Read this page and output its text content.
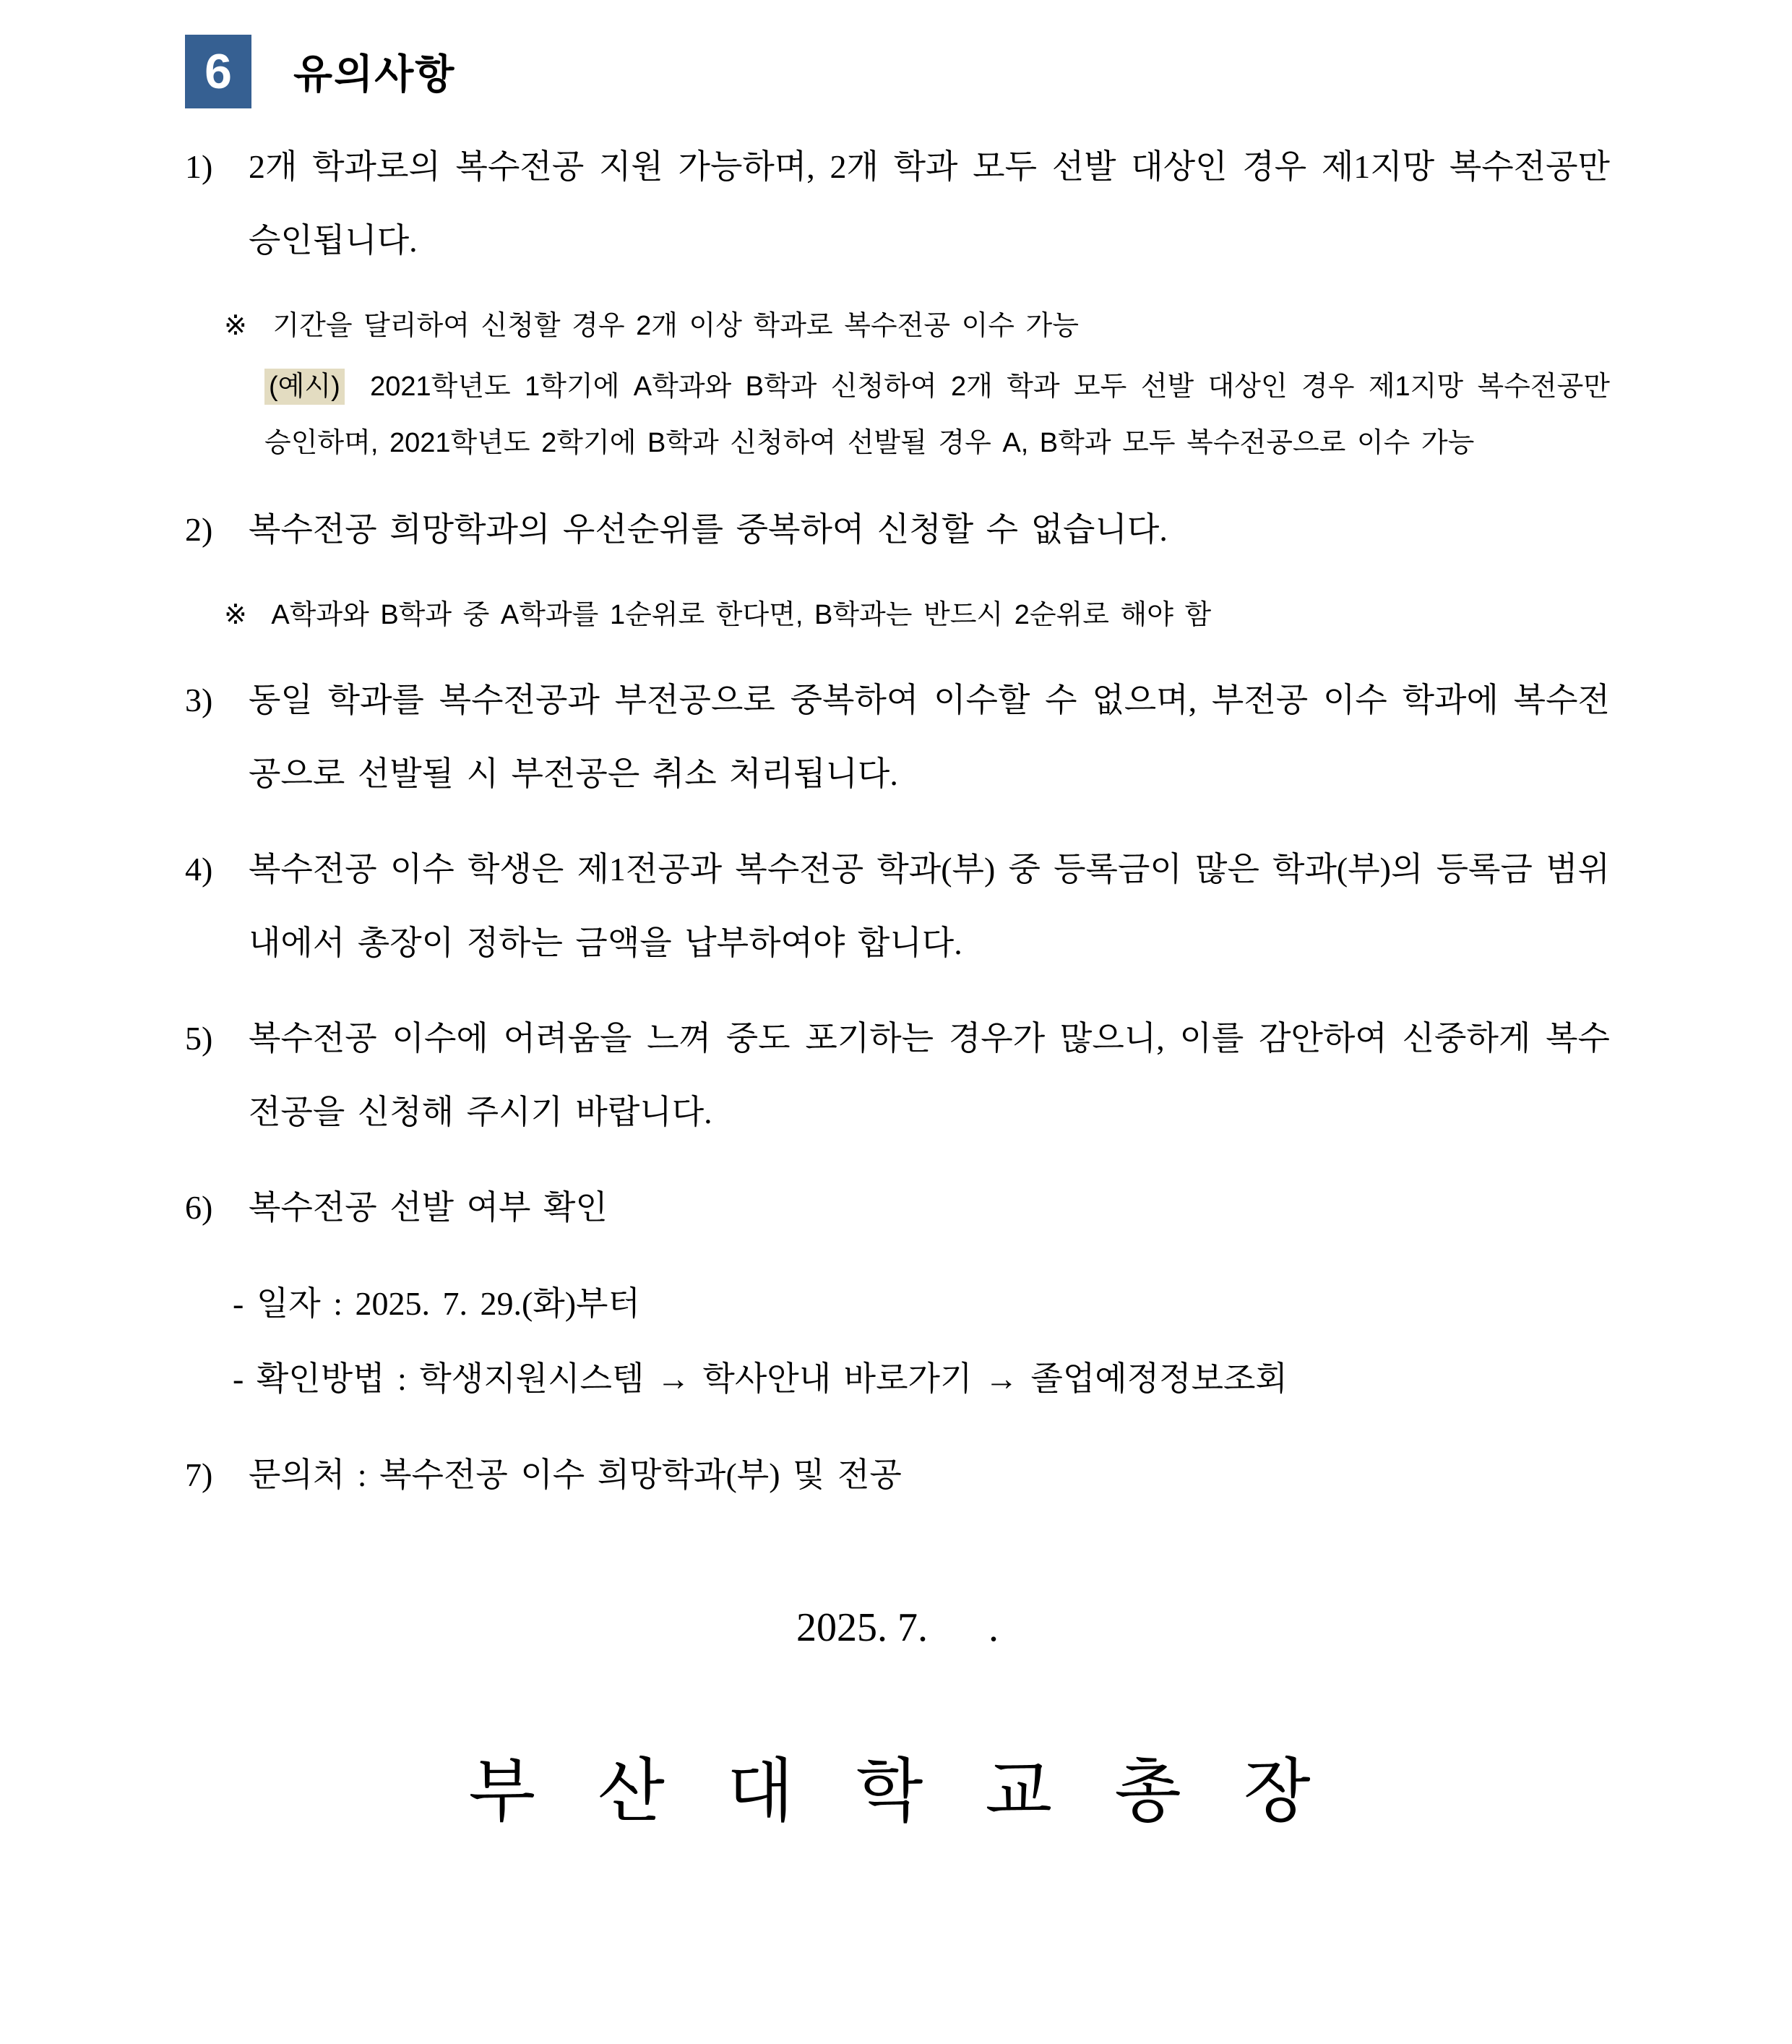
6	유의사항
1) 2개 학과로의 복수전공 지원 가능하며, 2개 학과 모두 선발 대상인 경우 제1지망 복수전공만 승인됩니다.
※ 기간을 달리하여 신청할 경우 2개 이상 학과로 복수전공 이수 가능
(예시) 2021학년도 1학기에 A학과와 B학과 신청하여 2개 학과 모두 선발 대상인 경우 제1지망 복수전공만 승인하며, 2021학년도 2학기에 B학과 신청하여 선발될 경우 A, B학과 모두 복수전공으로 이수 가능
2) 복수전공 희망학과의 우선순위를 중복하여 신청할 수 없습니다.
※ A학과와 B학과 중 A학과를 1순위로 한다면, B학과는 반드시 2순위로 해야 함
3) 동일 학과를 복수전공과 부전공으로 중복하여 이수할 수 없으며, 부전공 이수 학과에 복수전공으로 선발될 시 부전공은 취소 처리됩니다.
4) 복수전공 이수 학생은 제1전공과 복수전공 학과(부) 중 등록금이 많은 학과(부)의 등록금 범위 내에서 총장이 정하는 금액을 납부하여야 합니다.
5) 복수전공 이수에 어려움을 느껴 중도 포기하는 경우가 많으니, 이를 감안하여 신중하게 복수전공을 신청해 주시기 바랍니다.
6) 복수전공 선발 여부 확인
- 일자 : 2025. 7. 29.(화)부터
- 확인방법 : 학생지원시스템 → 학사안내 바로가기 → 졸업예정정보조회
7) 문의처 : 복수전공 이수 희망학과(부) 및 전공
2025. 7.      .
부 산 대 학 교 총 장
